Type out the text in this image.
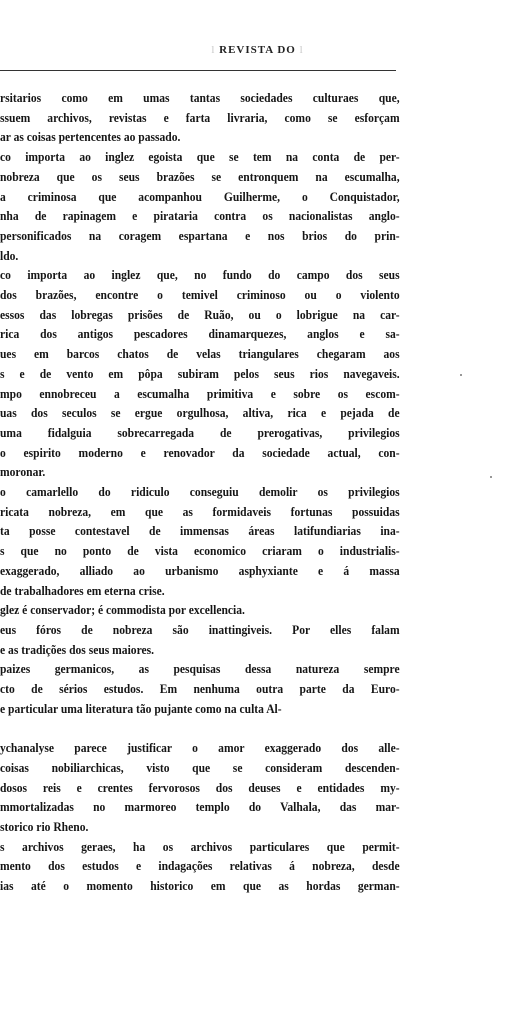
l REVISTA DO l
rsitarios como em umas tantas sociedades culturaes que,
ssuem archivos, revistas e farta livraria, como se esforçam
ar as coisas pertencentes ao passado.
co importa ao inglez egoista que se tem na conta de per-
nobreza que os seus brazões se entronquem na escumalha,
a criminosa que acompanhou Guilherme, o Conquistador,
nha de rapinagem e pirataria contra os nacionalistas anglo-
personificados na coragem espartana e nos brios do prin-
ldo.
co importa ao inglez que, no fundo do campo dos seus
dos brazões, encontre o temivel criminoso ou o violento
essos das lobregas prisões de Ruão, ou o lobrigue na car-
rica dos antigos pescadores dinamarquezes, anglos e sa-
ues em barcos chatos de velas triangulares chegaram aos
s e de vento em pôpa subiram pelos seus rios navegaveis.
mpo ennobreceu a escumalha primitiva e sobre os escom-
uas dos seculos se ergue orgulhosa, altiva, rica e pejada de
uma fidalguia sobrecarregada de prerogativas, privilegios
o espirito moderno e renovador da sociedade actual, con-
moronar.
o camarlello do ridiculo conseguiu demolir os privilegios
ricata nobreza, em que as formidaveis fortunas possuidas
ta posse contestavel de immensas áreas latifundiarias ina-
s que no ponto de vista economico criaram o industrialis-
exaggerado, alliado ao urbanismo asphyxiante e á massa
de trabalhadores em eterna crise.
glez é conservador; é commodista por excellencia.
eus fóros de nobreza são inattingiveis. Por elles falam
e as tradições dos seus maiores.
paizes germanicos, as pesquisas dessa natureza sempre
cto de sérios estudos. Em nenhuma outra parte da Euro-
e particular uma literatura tão pujante como na culta Al-

ychanalyse parece justificar o amor exaggerado dos alle-
coisas nobiliarchicas, visto que se consideram descenden-
dosos reis e crentes fervorosos dos deuses e entidades my-
mmortalizadas no marmoreo templo do Valhala, das mar-
storico rio Rheno.
s archivos geraes, ha os archivos particulares que permit-
mento dos estudos e indagações relativas á nobreza, desde
ias até o momento historico em que as hordas german-
